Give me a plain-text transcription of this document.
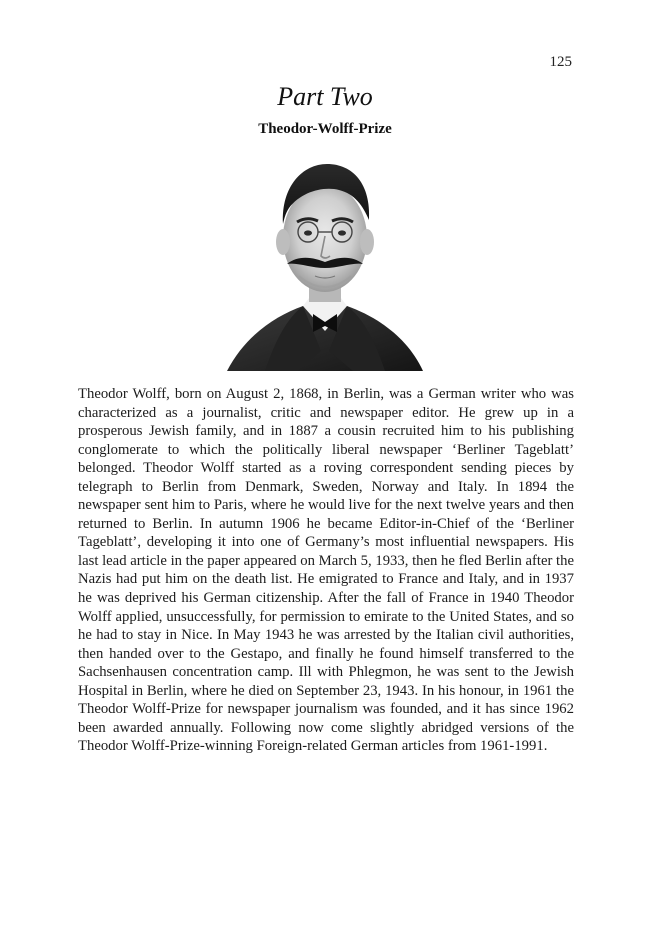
125
Part Two
Theodor-Wolff-Prize

Theodor Wolff, born on August 2, 1868, in Berlin, was a German writer who was characterized as a journalist, critic and newspaper editor. He grew up in a prosperous Jewish family, and in 1887 a cousin recruited him to his publishing conglomerate to which the politically liberal newspaper ‘Berliner Tageblatt’ belonged. Theodor Wolff started as a roving correspondent sending pieces by telegraph to Berlin from Denmark, Sweden, Norway and Italy. In 1894 the newspaper sent him to Paris, where he would live for the next twelve years and then returned to Berlin. In autumn 1906 he became Editor-in-Chief of the ‘Berliner Tageblatt’, developing it into one of Germany’s most influential newspapers. His last lead article in the paper appeared on March 5, 1933, then he fled Berlin after the Nazis had put him on the death list. He emigrated to France and Italy, and in 1937 he was deprived his German citizenship. After the fall of France in 1940 Theodor Wolff applied, unsuccessfully, for permission to emirate to the United States, and so he had to stay in Nice. In May 1943 he was arrested by the Italian civil authorities, then handed over to the Gestapo, and finally he found himself transferred to the Sachsenhausen concentration camp. Ill with Phlegmon, he was sent to the Jewish Hospital in Berlin, where he died on September 23, 1943. In his honour, in 1961 the Theodor Wolff-Prize for newspaper journalism was founded, and it has since 1962 been awarded annually. Following now come slightly abridged versions of the Theodor Wolff-Prize-winning Foreign-related German articles from 1961-1991.
